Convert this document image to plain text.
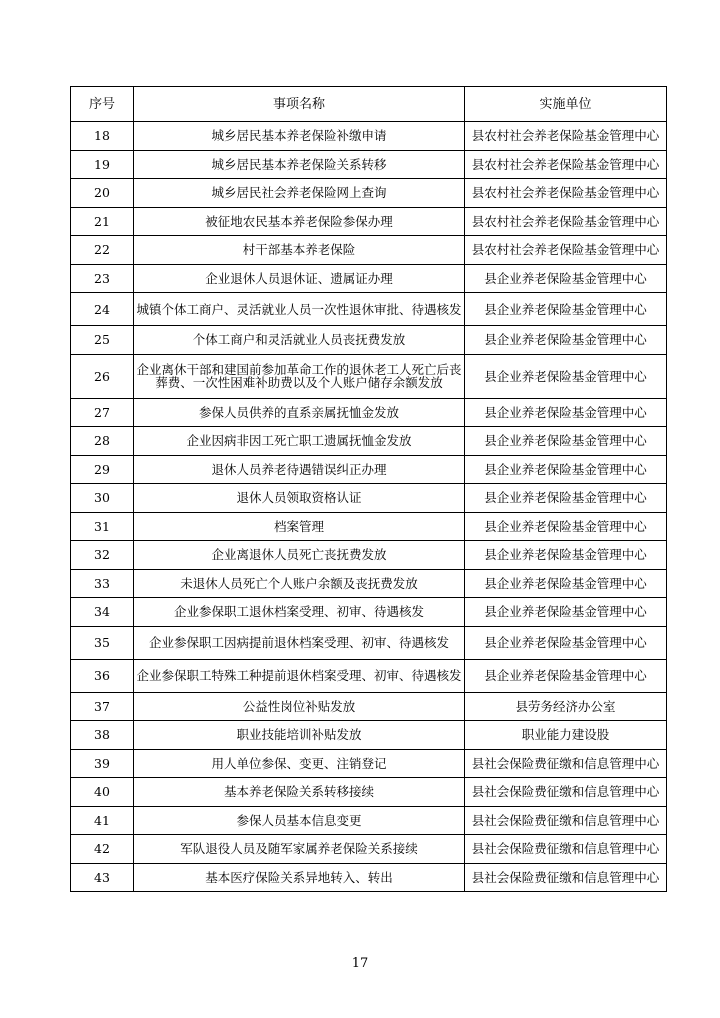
序号	事项名称	实施单位
18	城乡居民基本养老保险补缴申请	县农村社会养老保险基金管理中心
19	城乡居民基本养老保险关系转移	县农村社会养老保险基金管理中心
20	城乡居民社会养老保险网上查询	县农村社会养老保险基金管理中心
21	被征地农民基本养老保险参保办理	县农村社会养老保险基金管理中心
22	村干部基本养老保险	县农村社会养老保险基金管理中心
23	企业退休人员退休证、遗属证办理	县企业养老保险基金管理中心
24	城镇个体工商户、灵活就业人员一次性退休审批、待遇核发	县企业养老保险基金管理中心
25	个体工商户和灵活就业人员丧抚费发放	县企业养老保险基金管理中心
26	企业离休干部和建国前参加革命工作的退休老工人死亡后丧葬费、一次性困难补助费以及个人账户储存余额发放	县企业养老保险基金管理中心
27	参保人员供养的直系亲属抚恤金发放	县企业养老保险基金管理中心
28	企业因病非因工死亡职工遗属抚恤金发放	县企业养老保险基金管理中心
29	退休人员养老待遇错误纠正办理	县企业养老保险基金管理中心
30	退休人员领取资格认证	县企业养老保险基金管理中心
31	档案管理	县企业养老保险基金管理中心
32	企业离退休人员死亡丧抚费发放	县企业养老保险基金管理中心
33	未退休人员死亡个人账户余额及丧抚费发放	县企业养老保险基金管理中心
34	企业参保职工退休档案受理、初审、待遇核发	县企业养老保险基金管理中心
35	企业参保职工因病提前退休档案受理、初审、待遇核发	县企业养老保险基金管理中心
36	企业参保职工特殊工种提前退休档案受理、初审、待遇核发	县企业养老保险基金管理中心
37	公益性岗位补贴发放	县劳务经济办公室
38	职业技能培训补贴发放	职业能力建设股
39	用人单位参保、变更、注销登记	县社会保险费征缴和信息管理中心
40	基本养老保险关系转移接续	县社会保险费征缴和信息管理中心
41	参保人员基本信息变更	县社会保险费征缴和信息管理中心
42	军队退役人员及随军家属养老保险关系接续	县社会保险费征缴和信息管理中心
43	基本医疗保险关系异地转入、转出	县社会保险费征缴和信息管理中心
17
